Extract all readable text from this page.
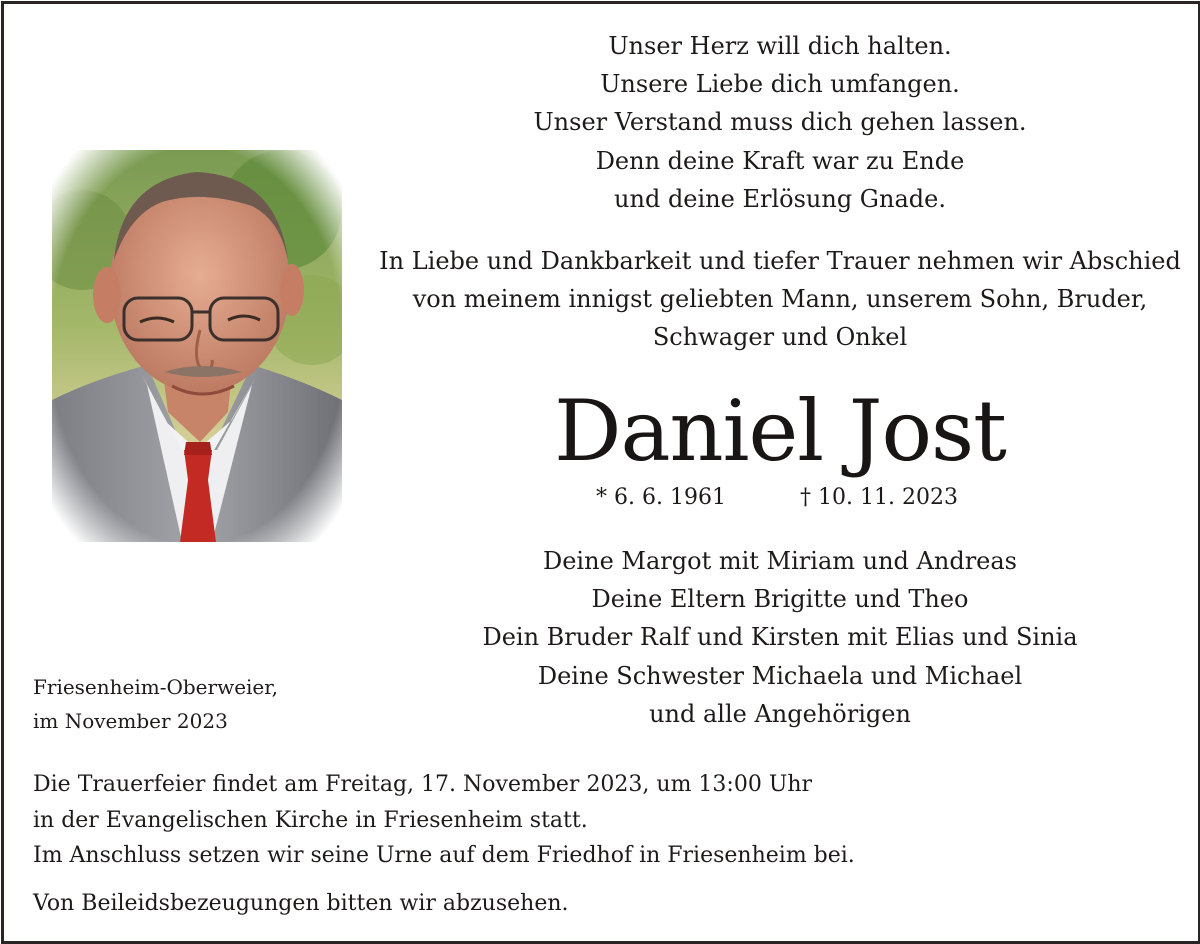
Unser Herz will dich halten.
Unsere Liebe dich umfangen.
Unser Verstand muss dich gehen lassen.
Denn deine Kraft war zu Ende
und deine Erlösung Gnade.
In Liebe und Dankbarkeit und tiefer Trauer nehmen wir Abschied
von meinem innigst geliebten Mann, unserem Sohn, Bruder,
Schwager und Onkel
Daniel Jost
* 6. 6. 1961	† 10. 11. 2023
Deine Margot mit Miriam und Andreas
Deine Eltern Brigitte und Theo
Dein Bruder Ralf und Kirsten mit Elias und Sinia
Deine Schwester Michaela und Michael
und alle Angehörigen
Friesenheim-Oberweier,
im November 2023
Die Trauerfeier findet am Freitag, 17. November 2023, um 13:00 Uhr
in der Evangelischen Kirche in Friesenheim statt.
Im Anschluss setzen wir seine Urne auf dem Friedhof in Friesenheim bei.
Von Beileidsbezeugungen bitten wir abzusehen.
